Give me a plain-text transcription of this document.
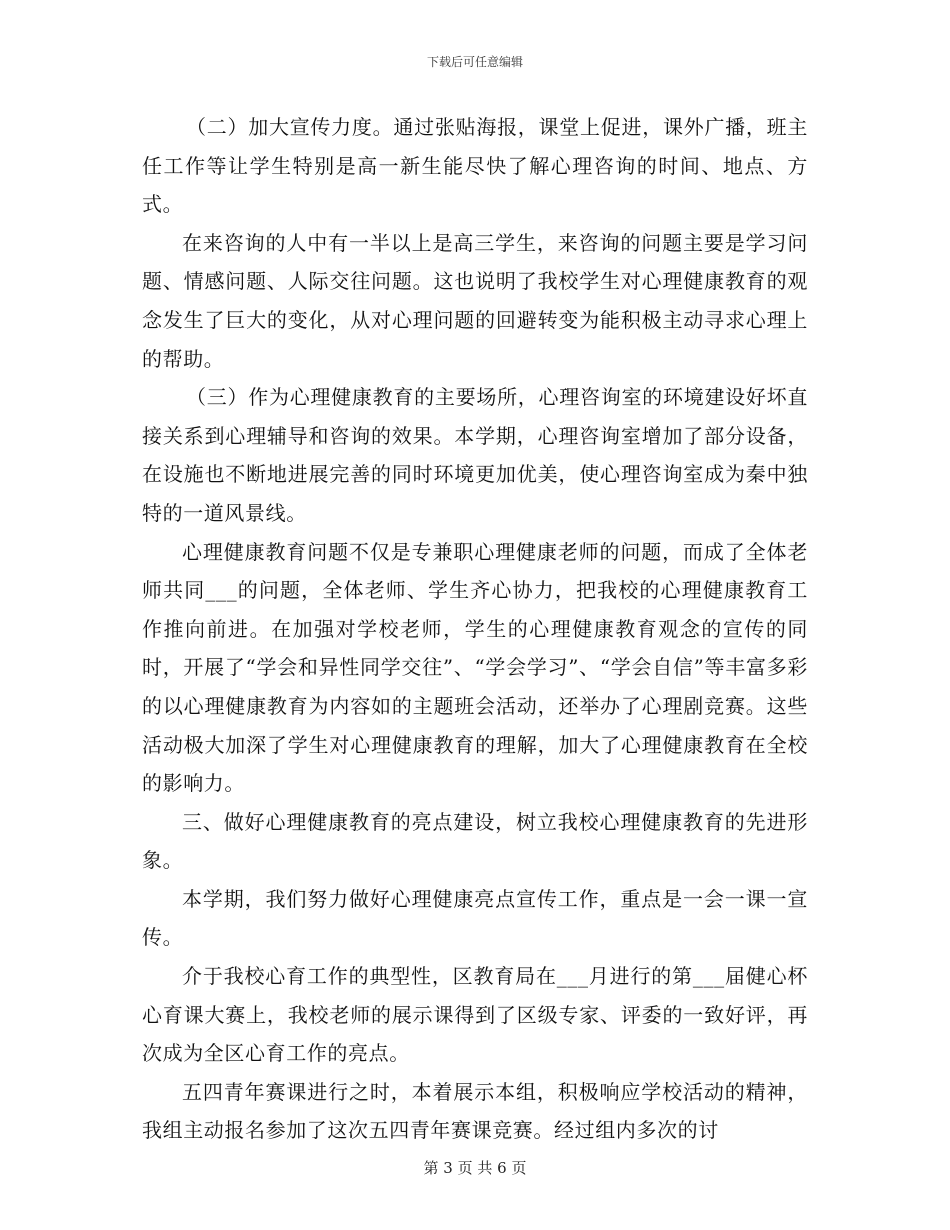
下载后可任意编辑

（二）加大宣传力度。通过张贴海报，课堂上促进，课外广播，班主任工作等让学生特别是高一新生能尽快了解心理咨询的时间、地点、方式。

在来咨询的人中有一半以上是高三学生，来咨询的问题主要是学习问题、情感问题、人际交往问题。这也说明了我校学生对心理健康教育的观念发生了巨大的变化，从对心理问题的回避转变为能积极主动寻求心理上的帮助。

（三）作为心理健康教育的主要场所，心理咨询室的环境建设好坏直接关系到心理辅导和咨询的效果。本学期，心理咨询室增加了部分设备，在设施也不断地进展完善的同时环境更加优美，使心理咨询室成为秦中独特的一道风景线。

心理健康教育问题不仅是专兼职心理健康老师的问题，而成了全体老师共同___的问题，全体老师、学生齐心协力，把我校的心理健康教育工作推向前进。在加强对学校老师，学生的心理健康教育观念的宣传的同时，开展了“学会和异性同学交往”、“学会学习”、“学会自信”等丰富多彩的以心理健康教育为内容如的主题班会活动，还举办了心理剧竞赛。这些活动极大加深了学生对心理健康教育的理解，加大了心理健康教育在全校的影响力。

三、做好心理健康教育的亮点建设，树立我校心理健康教育的先进形象。

本学期，我们努力做好心理健康亮点宣传工作，重点是一会一课一宣传。

介于我校心育工作的典型性，区教育局在___月进行的第___届健心杯心育课大赛上，我校老师的展示课得到了区级专家、评委的一致好评，再次成为全区心育工作的亮点。

五四青年赛课进行之时，本着展示本组，积极响应学校活动的精神，我组主动报名参加了这次五四青年赛课竞赛。经过组内多次的讨

第 3 页 共 6 页
